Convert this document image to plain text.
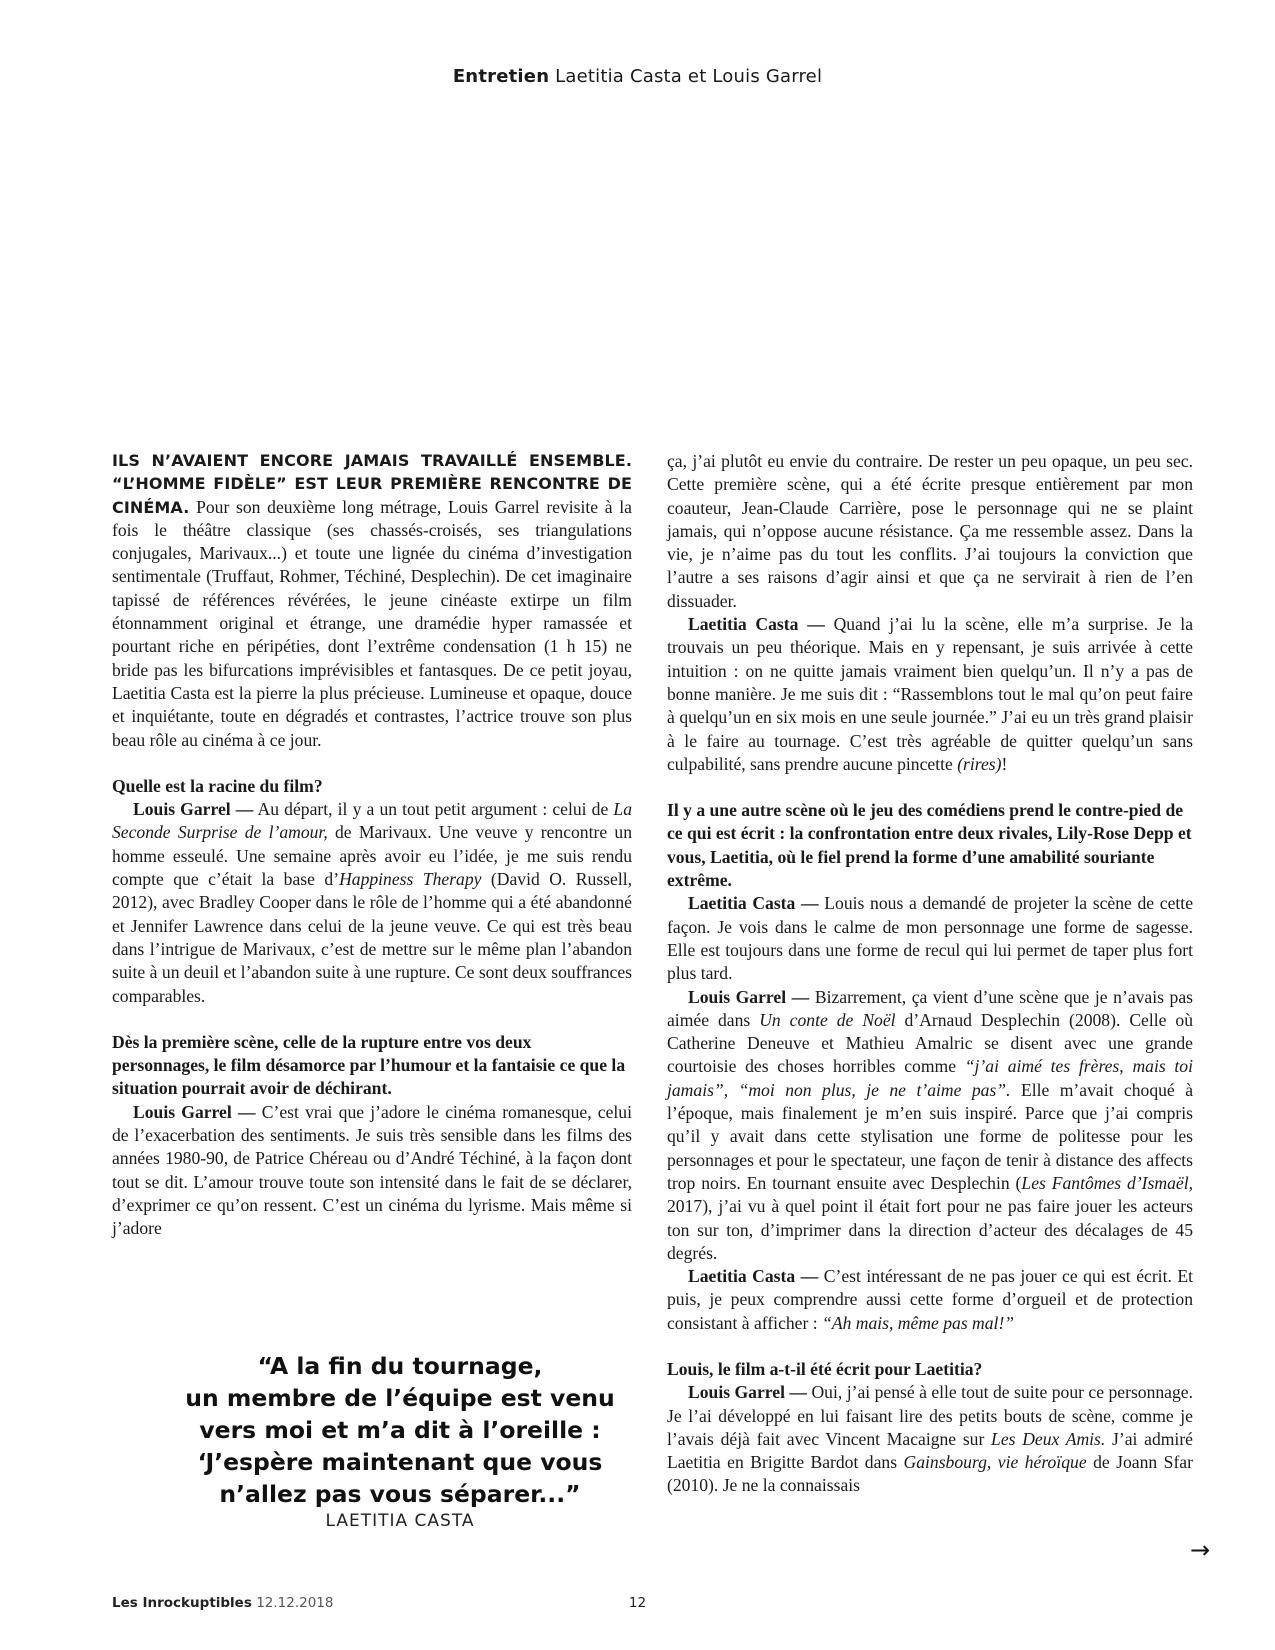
Entretien Laetitia Casta et Louis Garrel

ILS N’AVAIENT ENCORE JAMAIS TRAVAILLÉ ENSEMBLE. “L’HOMME FIDÈLE” EST LEUR PREMIÈRE RENCONTRE DE CINÉMA. Pour son deuxième long métrage, Louis Garrel revisite à la fois le théâtre classique (ses chassés-croisés, ses triangulations conjugales, Marivaux...) et toute une lignée du cinéma d’investigation sentimentale (Truffaut, Rohmer, Téchiné, Desplechin). De cet imaginaire tapissé de références révérées, le jeune cinéaste extirpe un film étonnamment original et étrange, une dramédie hyper ramassée et pourtant riche en péripéties, dont l’extrême condensation (1 h 15) ne bride pas les bifurcations imprévisibles et fantasques. De ce petit joyau, Laetitia Casta est la pierre la plus précieuse. Lumineuse et opaque, douce et inquiétante, toute en dégradés et contrastes, l’actrice trouve son plus beau rôle au cinéma à ce jour.

Quelle est la racine du film?

Louis Garrel — Au départ, il y a un tout petit argument : celui de La Seconde Surprise de l’amour, de Marivaux. Une veuve y rencontre un homme esseulé. Une semaine après avoir eu l’idée, je me suis rendu compte que c’était la base d’Happiness Therapy (David O. Russell, 2012), avec Bradley Cooper dans le rôle de l’homme qui a été abandonné et Jennifer Lawrence dans celui de la jeune veuve. Ce qui est très beau dans l’intrigue de Marivaux, c’est de mettre sur le même plan l’abandon suite à un deuil et l’abandon suite à une rupture. Ce sont deux souffrances comparables.

Dès la première scène, celle de la rupture entre vos deux personnages, le film désamorce par l’humour et la fantaisie ce que la situation pourrait avoir de déchirant.

Louis Garrel — C’est vrai que j’adore le cinéma romanesque, celui de l’exacerbation des sentiments. Je suis très sensible dans les films des années 1980-90, de Patrice Chéreau ou d’André Téchiné, à la façon dont tout se dit. L’amour trouve toute son intensité dans le fait de se déclarer, d’exprimer ce qu’on ressent. C’est un cinéma du lyrisme. Mais même si j’adore

ça, j’ai plutôt eu envie du contraire. De rester un peu opaque, un peu sec. Cette première scène, qui a été écrite presque entièrement par mon coauteur, Jean-Claude Carrière, pose le personnage qui ne se plaint jamais, qui n’oppose aucune résistance. Ça me ressemble assez. Dans la vie, je n’aime pas du tout les conflits. J’ai toujours la conviction que l’autre a ses raisons d’agir ainsi et que ça ne servirait à rien de l’en dissuader.

Laetitia Casta — Quand j’ai lu la scène, elle m’a surprise. Je la trouvais un peu théorique. Mais en y repensant, je suis arrivée à cette intuition : on ne quitte jamais vraiment bien quelqu’un. Il n’y a pas de bonne manière. Je me suis dit : “Rassemblons tout le mal qu’on peut faire à quelqu’un en six mois en une seule journée.” J’ai eu un très grand plaisir à le faire au tournage. C’est très agréable de quitter quelqu’un sans culpabilité, sans prendre aucune pincette (rires)!

Il y a une autre scène où le jeu des comédiens prend le contre-pied de ce qui est écrit : la confrontation entre deux rivales, Lily-Rose Depp et vous, Laetitia, où le fiel prend la forme d’une amabilité souriante extrême.

Laetitia Casta — Louis nous a demandé de projeter la scène de cette façon. Je vois dans le calme de mon personnage une forme de sagesse. Elle est toujours dans une forme de recul qui lui permet de taper plus fort plus tard.

Louis Garrel — Bizarrement, ça vient d’une scène que je n’avais pas aimée dans Un conte de Noël d’Arnaud Desplechin (2008). Celle où Catherine Deneuve et Mathieu Amalric se disent avec une grande courtoisie des choses horribles comme “j’ai aimé tes frères, mais toi jamais”, “moi non plus, je ne t’aime pas”. Elle m’avait choqué à l’époque, mais finalement je m’en suis inspiré. Parce que j’ai compris qu’il y avait dans cette stylisation une forme de politesse pour les personnages et pour le spectateur, une façon de tenir à distance des affects trop noirs. En tournant ensuite avec Desplechin (Les Fantômes d’Ismaël, 2017), j’ai vu à quel point il était fort pour ne pas faire jouer les acteurs ton sur ton, d’imprimer dans la direction d’acteur des décalages de 45 degrés.

Laetitia Casta — C’est intéressant de ne pas jouer ce qui est écrit. Et puis, je peux comprendre aussi cette forme d’orgueil et de protection consistant à afficher : “Ah mais, même pas mal!”

Louis, le film a-t-il été écrit pour Laetitia?

Louis Garrel — Oui, j’ai pensé à elle tout de suite pour ce personnage. Je l’ai développé en lui faisant lire des petits bouts de scène, comme je l’avais déjà fait avec Vincent Macaigne sur Les Deux Amis. J’ai admiré Laetitia en Brigitte Bardot dans Gainsbourg, vie héroïque de Joann Sfar (2010). Je ne la connaissais

“A la fin du tournage,
un membre de l’équipe est venu
vers moi et m’a dit à l’oreille :
‘J’espère maintenant que vous
n’allez pas vous séparer...”
LAETITIA CASTA
→
Les Inrockuptibles 12.12.2018	12
